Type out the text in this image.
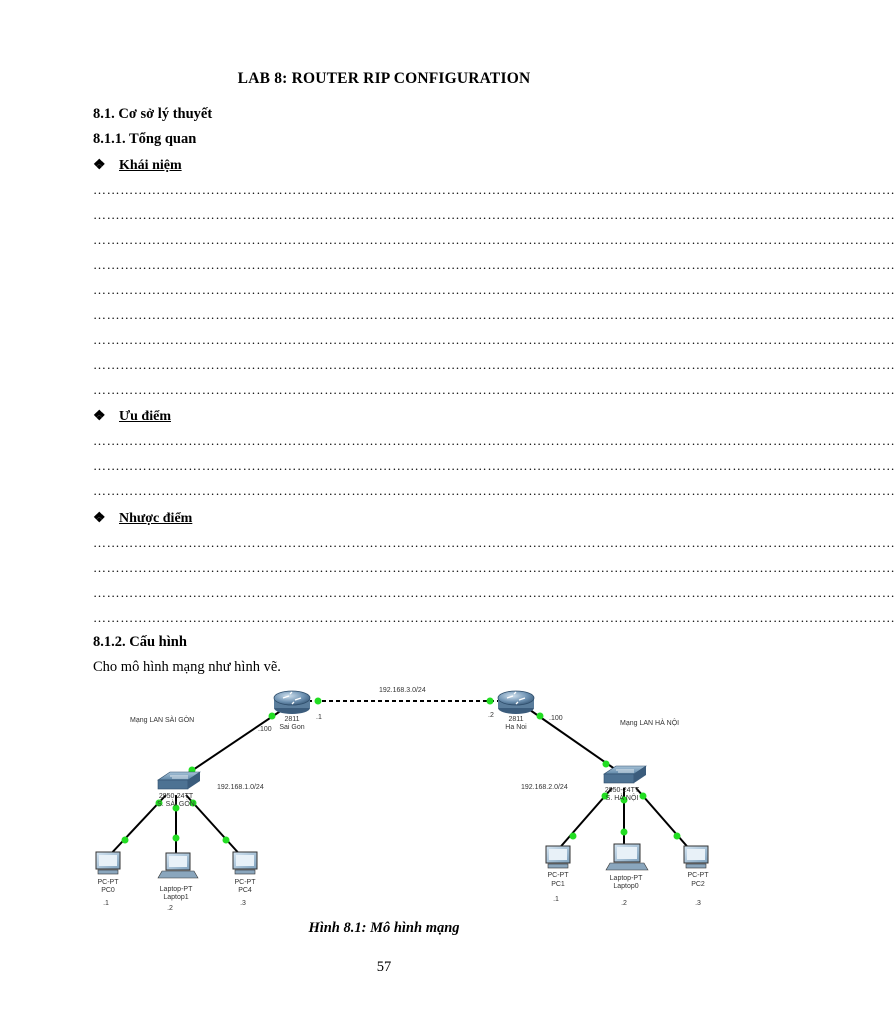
LAB 8: ROUTER RIP CONFIGURATION
8.1. Cơ sở lý thuyết
8.1.1. Tổng quan
❖ Khái niệm
……………………………………………………………………………………………………………………………………………………………
……………………………………………………………………………………………………………………………………………………………
……………………………………………………………………………………………………………………………………………………………
……………………………………………………………………………………………………………………………………………………………
……………………………………………………………………………………………………………………………………………………………
……………………………………………………………………………………………………………………………………………………………
……………………………………………………………………………………………………………………………………………………………
……………………………………………………………………………………………………………………………………………………………
……………………………………………………………………………………………………………………………………………………………
❖ Ưu điểm
……………………………………………………………………………………………………………………………………………………………
……………………………………………………………………………………………………………………………………………………………
……………………………………………………………………………………………………………………………………………………………
❖ Nhược điểm
……………………………………………………………………………………………………………………………………………………………
……………………………………………………………………………………………………………………………………………………………
……………………………………………………………………………………………………………………………………………………………
……………………………………………………………………………………………………………………………………………………………
8.1.2. Cấu hình
Cho mô hình mạng như hình vẽ.
192.168.3.0/24
2811
Sai Gon
.1
.100
2811
Ha Noi
.2	.100
Mạng LAN SÀI GÒN	Mạng LAN HÀ NỘI
192.168.1.0/24	192.168.2.0/24
2950-24TT
S. SÀI GÒN
2950-24TT
S. HÀ NỘI
PC-PT
PC0
.1
Laptop-PT
Laptop1
.2
PC-PT
PC4
.3
PC-PT
PC1
.1
Laptop-PT
Laptop0
.2
PC-PT
PC2
.3
Hình 8.1: Mô hình mạng
57
